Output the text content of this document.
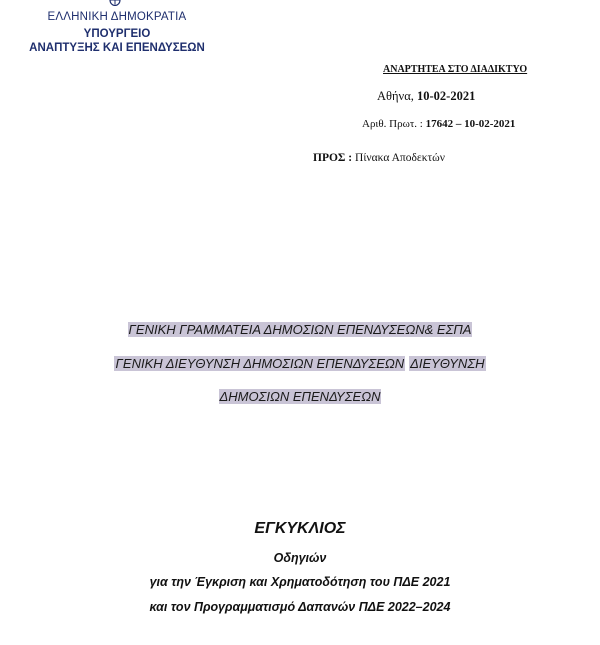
ΕΛΛΗΝΙΚΗ ΔΗΜΟΚΡΑΤΙΑ
ΥΠΟΥΡΓΕΙΟ
ΑΝΑΠΤΥΞΗΣ ΚΑΙ ΕΠΕΝΔΥΣΕΩΝ
ΑΝΑΡΤΗΤΕΑ ΣΤΟ ΔΙΑΔΙΚΤΥΟ
Αθήνα, 10-02-2021
Αριθ. Πρωτ. : 17642 – 10-02-2021
ΠΡΟΣ : Πίνακα Αποδεκτών
ΓΕΝΙΚΗ ΓΡΑΜΜΑΤΕΙΑ ΔΗΜΟΣΙΩΝ ΕΠΕΝΔΥΣΕΩΝ& ΕΣΠΑ
ΓΕΝΙΚΗ ΔΙΕΥΘΥΝΣΗ ΔΗΜΟΣΙΩΝ ΕΠΕΝΔΥΣΕΩΝ ΔΙΕΥΘΥΝΣΗ
ΔΗΜΟΣΙΩΝ ΕΠΕΝΔΥΣΕΩΝ
ΕΓΚΥΚΛΙΟΣ
Οδηγιών
για την Έγκριση και Χρηματοδότηση του ΠΔΕ 2021
και τον Προγραμματισμό Δαπανών ΠΔΕ 2022–2024
